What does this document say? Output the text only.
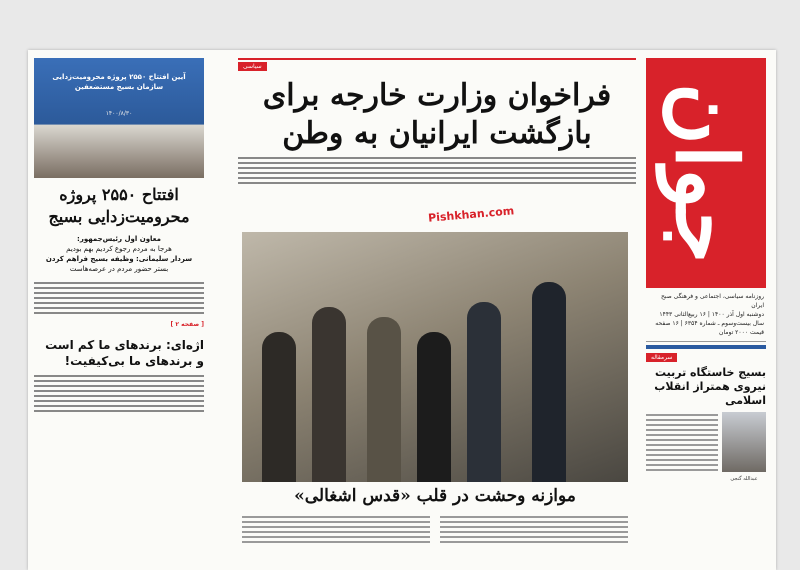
جوان
روزنامه سیاسی، اجتماعی و فرهنگی صبح ایران
دوشنبه اول آذر ۱۴۰۰ | ۱۶ ربیع‌الثانی ۱۴۴۳
سال بیست‌وسوم ـ شماره ۶۳۵۴ | ۱۶ صفحه
قیمت ۲۰۰۰ تومان
سرمقاله
بسیج خاستگاه تربیت نیروی همتراز انقلاب اسلامی
عبدالله گنجی
سیاسی
فراخوان وزارت خارجه برای بازگشت ایرانیان به وطن
Pishkhan.com
موازنه وحشت در قلب «قدس اشغالی»
آیین افتتاح ۲۵۵۰ پروژه محرومیت‌زدایی سازمان بسیج مستضعفین
۱۴۰۰/۸/۳۰
افتتاح ۲۵۵۰ پروژه محرومیت‌زدایی بسیج
معاون اول رئیس‌جمهور:
هرجا به مردم رجوع کردیم بهم بودیم
سردار سلیمانی: وظیفه بسیج فراهم کردن
بستر حضور مردم در عرصه‌هاست
[ صفحه ۲ ]
اژه‌ای: برندهای ما کم است و برندهای ما بی‌کیفیت!
